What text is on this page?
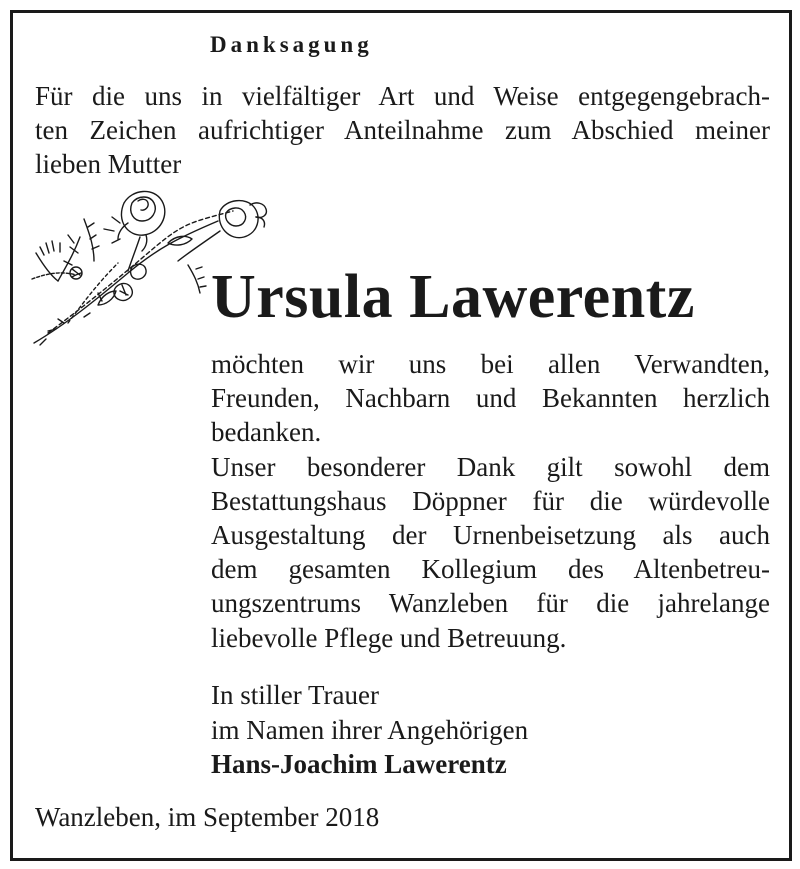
Danksagung
Für die uns in vielfältiger Art und Weise entgegengebrach-
ten Zeichen aufrichtiger Anteilnahme zum Abschied meiner
lieben Mutter
Ursula Lawerentz
möchten wir uns bei allen Verwandten,
Freunden, Nachbarn und Bekannten herzlich
bedanken.
Unser besonderer Dank gilt sowohl dem
Bestattungshaus Döppner für die würdevolle
Ausgestaltung der Urnenbeisetzung als auch
dem gesamten Kollegium des Altenbetreu-
ungszentrums Wanzleben für die jahrelange
liebevolle Pflege und Betreuung.
In stiller Trauer
im Namen ihrer Angehörigen
Hans-Joachim Lawerentz
Wanzleben, im September 2018
